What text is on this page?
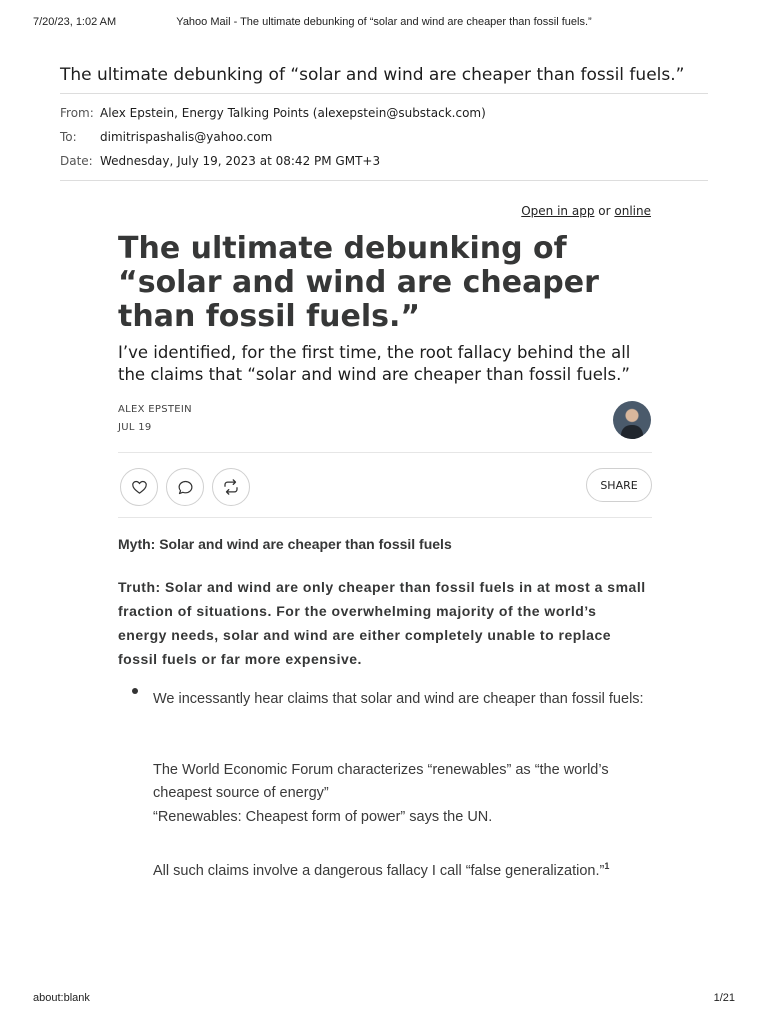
7/20/23, 1:02 AM	Yahoo Mail - The ultimate debunking of “solar and wind are cheaper than fossil fuels.”
The ultimate debunking of “solar and wind are cheaper than fossil fuels.”
From: Alex Epstein, Energy Talking Points (alexepstein@substack.com)
To:	dimitrispashalis@yahoo.com
Date: Wednesday, July 19, 2023 at 08:42 PM GMT+3
Open in app or online
The ultimate debunking of “solar and wind are cheaper than fossil fuels.”

I’ve identified, for the first time, the root fallacy behind the all the claims that “solar and wind are cheaper than fossil fuels.”

ALEX EPSTEIN
JUL 19
SHARE
Myth: Solar and wind are cheaper than fossil fuels

Truth: Solar and wind are only cheaper than fossil fuels in at most a small fraction of situations. For the overwhelming majority of the world’s energy needs, solar and wind are either completely unable to replace fossil fuels or far more expensive.

We incessantly hear claims that solar and wind are cheaper than fossil fuels:

The World Economic Forum characterizes “renewables” as “the world’s cheapest source of energy”

“Renewables: Cheapest form of power” says the UN.

All such claims involve a dangerous fallacy I call “false generalization.”$^1$

about:blank	1/21
